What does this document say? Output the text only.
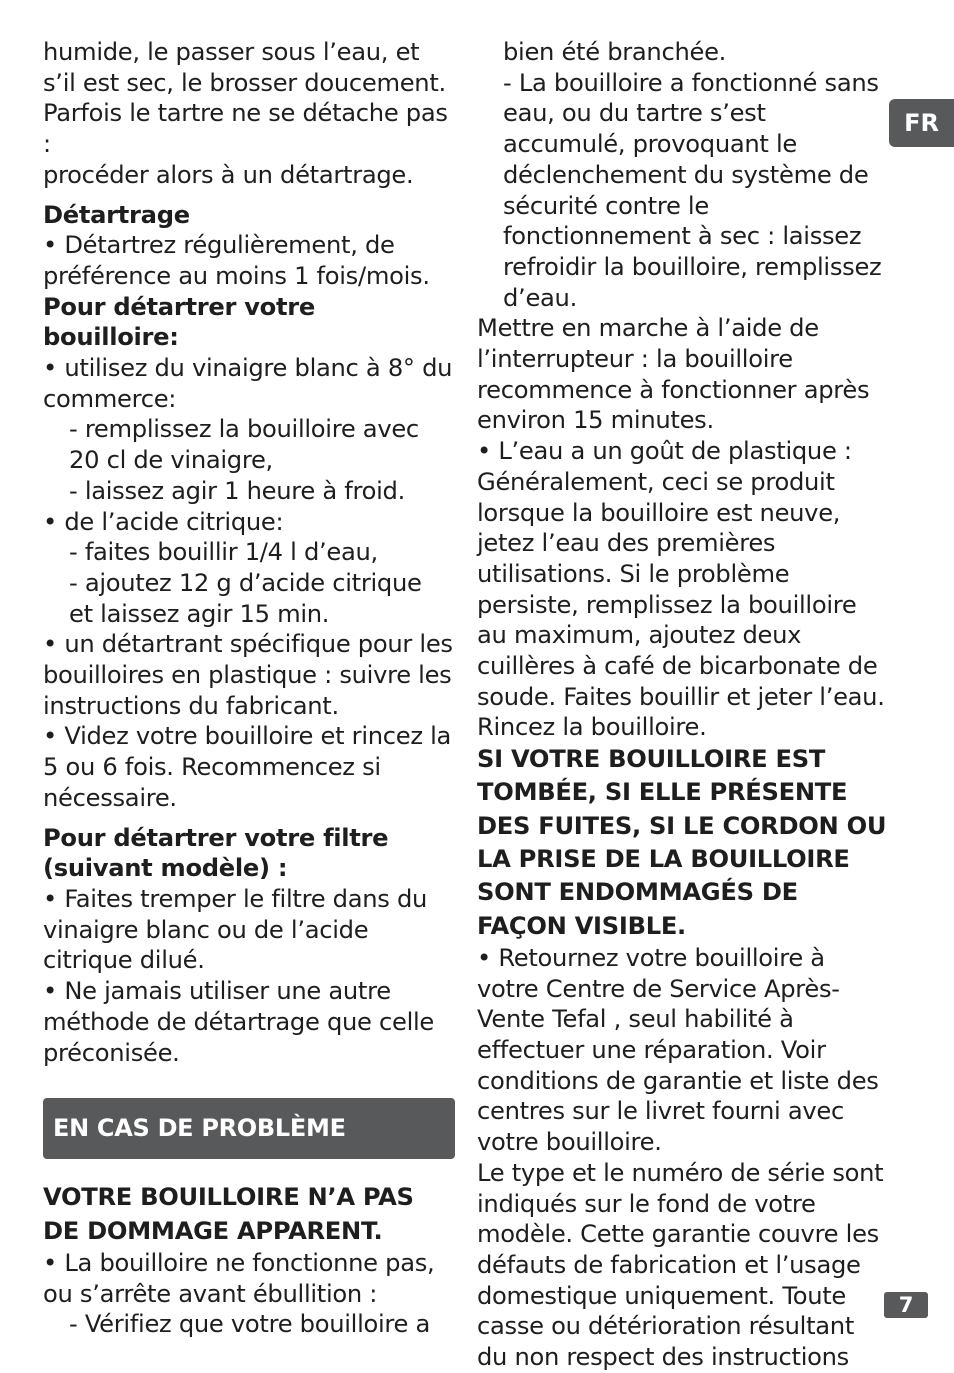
humide, le passer sous l’eau, et

s’il est sec, le brosser doucement.

Parfois le tartre ne se détache pas :

procéder alors à un détartrage.

Détartrage

• Détartrez régulièrement, de préférence au moins 1 fois/mois.

Pour détartrer votre bouilloire:

• utilisez du vinaigre blanc à 8° du commerce:

- remplissez la bouilloire avec 20 cl de vinaigre,

- laissez agir 1 heure à froid.

• de l’acide citrique:

- faites bouillir 1/4 l d’eau,

- ajoutez 12 g d’acide citrique

et laissez agir 15 min.

• un détartrant spécifique pour les bouilloires en plastique : suivre les instructions du fabricant.

• Videz votre bouilloire et rincez la 5 ou 6 fois. Recommencez si nécessaire.

Pour détartrer votre filtre (suivant modèle) :

• Faites tremper le filtre dans du vinaigre blanc ou de l’acide citrique dilué.

• Ne jamais utiliser une autre méthode de détartrage que celle préconisée.

EN CAS DE PROBLÈME

VOTRE BOUILLOIRE N’A PAS DE DOMMAGE APPARENT.

• La bouilloire ne fonctionne pas, ou s’arrête avant ébullition :

- Vérifiez que votre bouilloire a

bien été branchée.

- La bouilloire a fonctionné sans eau, ou du tartre s’est accumulé, provoquant le déclenchement du système de sécurité contre le fonctionnement à sec : laissez refroidir la bouilloire, remplissez d’eau.

Mettre en marche à l’aide de l’interrupteur : la bouilloire recommence à fonctionner après environ 15 minutes.

• L’eau a un goût de plastique : Généralement, ceci se produit lorsque la bouilloire est neuve, jetez l’eau des premières utilisations. Si le problème persiste, remplissez la bouilloire au maximum, ajoutez deux cuillères à café de bicarbonate de soude. Faites bouillir et jeter l’eau. Rincez la bouilloire.

SI VOTRE BOUILLOIRE EST TOMBÉE, SI ELLE PRÉSENTE DES FUITES, SI LE CORDON OU LA PRISE DE LA BOUILLOIRE SONT ENDOMMAGÉS DE FAÇON VISIBLE.

• Retournez votre bouilloire à votre Centre de Service Après-Vente Tefal , seul habilité à effectuer une réparation. Voir conditions de garantie et liste des centres sur le livret fourni avec votre bouilloire.

Le type et le numéro de série sont indiqués sur le fond de votre modèle. Cette garantie couvre les défauts de fabrication et l’usage domestique uniquement. Toute casse ou détérioration résultant du non respect des instructions

FR
7
